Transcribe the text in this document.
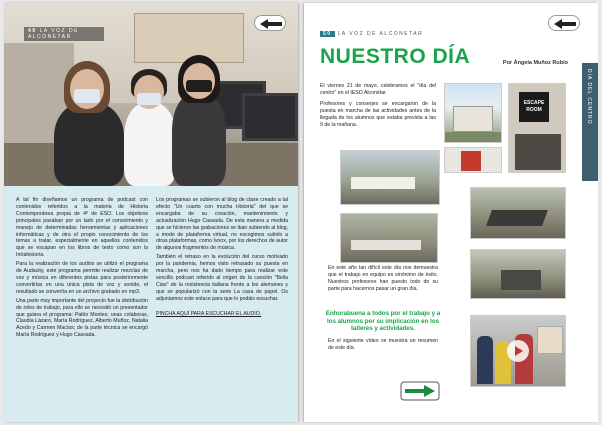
49 LA VOZ DE ALCONETAR

A tal fin diseñamos un programa de podcast con contenidos referidos a la materia de Historia Contemporánea propia de 4º de ESO. Los objetivos principales pasaban por un lado por el conocimiento y manejo de determinadas herramientas y aplicaciones informáticas y de otra el propio conocimiento de los temas a tratar, especialmente en aquellos contenidos que se escapan en los libros de texto como son la Intrahistoria.

Para la realización de los audios se utilizó el programa de Audacity, este programa permite realizar mezclas de voz y música en diferentes pistas para posteriormente convertirlas en una única pista de voz y sonido, el resultado se convertía en un archivo grabado en mp3.

Una parte muy importante del proyecto fue la distribución de roles de trabajo, para ello se necesitó un presentador que guiara el programa: Pablo Montes; unas colaboras, Claudia Lázaro, María Rodríguez, Alberto Muñoz, Natalia Acedo y Carmen Macías; de la parte técnica se encargó María Rodríguez y Hugo Cassada.

Los programas se subieron al blog de clase creado a tal efecto "Un cuarto con mucha Historia" del que se encargaba de su creación, mantenimiento y actualización Hugo Cassada. De esta manera a medida que se hicieron las grabaciones se iban subiendo al blog, a modo de plataforma virtual, no escogimos subirlo a otras plataformas, como Ivoox, por los derechos de autor de algunos fragmentos de música.

También el retraso en la evolución del curso motivado por la pandemia, hemos visto retrasado su puesta en marcha, pero nos ha dado tiempo para realizar este sencillo podcast referido al origen de la canción "Bella Ciao" de la resistencia italiana frente a los alemanes y que se popularizó con la serie La casa de papel. Os adjuntamos este enlace para que lo podáis escuchar.

PINCHA AQUÍ PARA ESCUCHAR EL AUDIO.

50 LA VOZ DE ALCONETAR
NUESTRO DÍA	Por Ángela Muñoz Rubio
DÍA DEL CENTRO

El viernes 21 de mayo, celebramos el "día del centro" en el IESO Alconétar.

Profesores y conserjes se encargaron de la puesta en marcha de las actividades antes de la llegada de los alumnos que estaba prevista a las 9 de la mañana.

ESCAPE ROOM
En este año tan difícil este día nos demuestra que el trabajo en equipo es sinónimo de éxito. Nuestros profesores han puesto todo de su parte para hacernos pasar un gran día.
Enhorabuena a todos por el trabajo y a los alumnos por su implicación en los talleres y actividades.
En el siguiente vídeo se muestra un resumen de este día.
